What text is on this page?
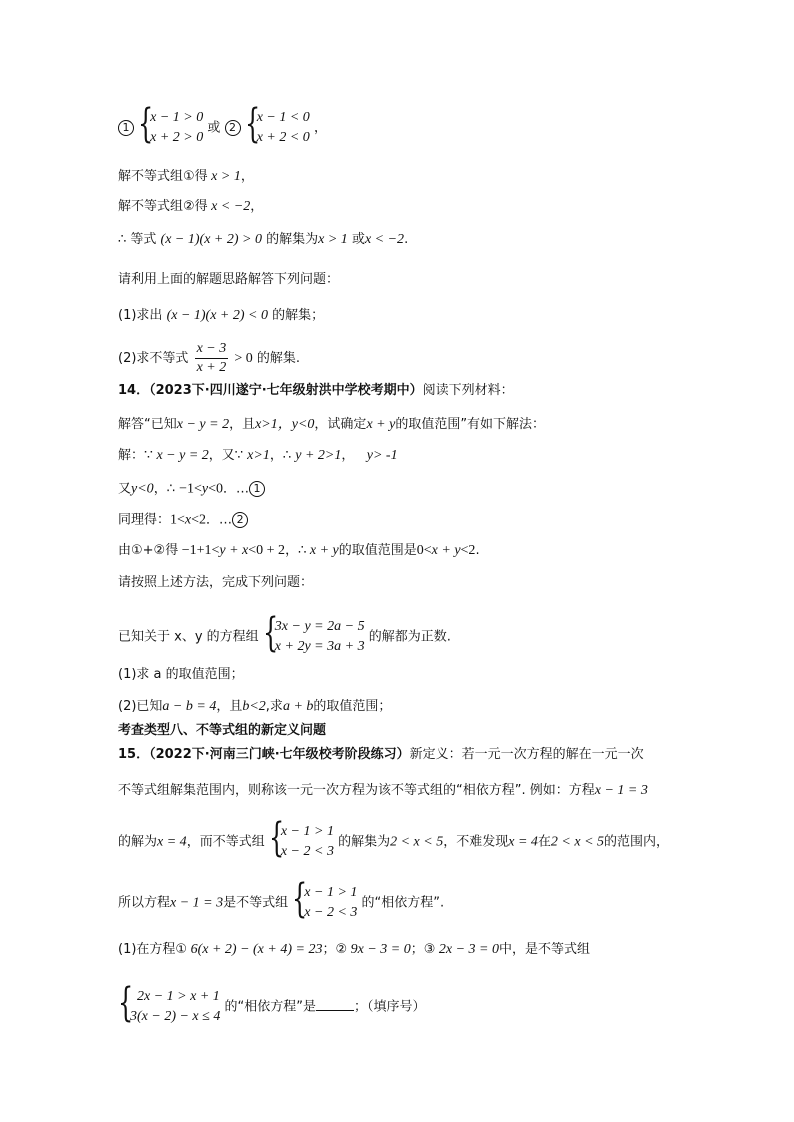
1 {
x − 1 > 0
x + 2 > 0
或 2 {
x − 1 < 0
x + 2 < 0
，
解不等式组①得 x > 1，
解不等式组②得 x < −2，
∴ 等式 (x − 1)(x + 2) > 0 的解集为x > 1 或x < −2.
请利用上面的解题思路解答下列问题：
(1)求出 (x − 1)(x + 2) < 0 的解集；
(2)求不等式 $\frac{x - 3}{x + 2} > 0$ 的解集.
14．（2023下·四川遂宁·七年级射洪中学校考期中）阅读下列材料：
解答“已知x − y = 2，且x>1，y<0，试确定x + y的取值范围”有如下解法：
解：∵ x − y = 2，又∵ x>1，∴ y + 2>1，   y> -1
又y<0，∴ −1<y<0．… 1
同理得：1<x<2．… 2
由①+②得 −1+1<y + x<0 + 2，∴ x + y的取值范围是0<x + y<2.
请按照上述方法，完成下列问题：
已知关于 x、y 的方程组 {
3x − y = 2a − 5
x + 2y = 3a + 3
的解都为正数.
(1)求 a 的取值范围；
(2)已知a − b = 4，且b<2,求a + b的取值范围；
考查类型八、不等式组的新定义问题
15．（2022下·河南三门峡·七年级校考阶段练习）新定义：若一元一次方程的解在一元一次
不等式组解集范围内，则称该一元一次方程为该不等式组的“相依方程”. 例如：方程x − 1 = 3
的解为x = 4，而不等式组 {
x − 1 > 1
x − 2 < 3
的解集为2 < x < 5，不难发现x = 4在2 < x < 5的范围内，
所以方程x − 1 = 3是不等式组 {
x − 1 > 1
x − 2 < 3
的“相依方程”.
(1)在方程① 6(x + 2) − (x + 4) = 23；② 9x − 3 = 0；③ 2x − 3 = 0中，是不等式组
{
2x − 1 > x + 1
3(x − 2) − x ≤ 4
的“相依方程”是	；（填序号）
